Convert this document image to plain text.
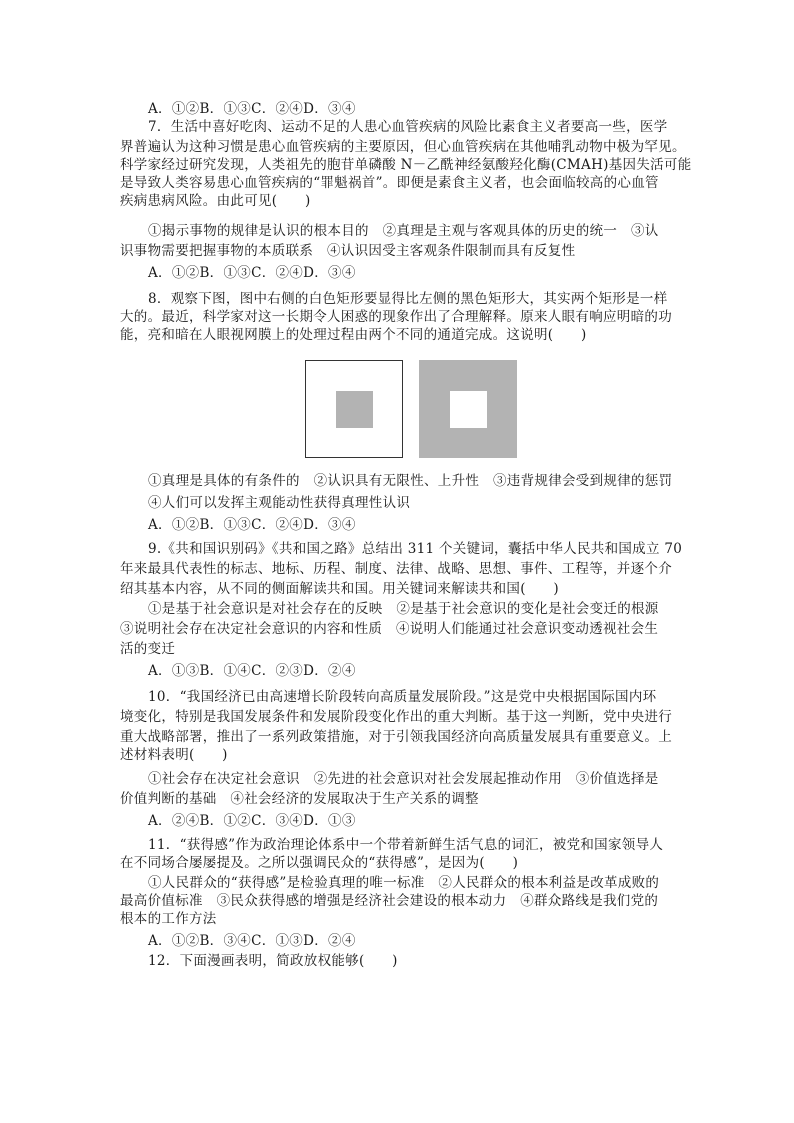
A．①②B．①③C．②④D．③④
7．生活中喜好吃肉、运动不足的人患心血管疾病的风险比素食主义者要高一些，医学
界普遍认为这种习惯是患心血管疾病的主要原因，但心血管疾病在其他哺乳动物中极为罕见。
科学家经过研究发现，人类祖先的胞苷单磷酸 N－乙酰神经氨酸羟化酶(CMAH)基因失活可能
是导致人类容易患心血管疾病的“罪魁祸首”。即便是素食主义者，也会面临较高的心血管
疾病患病风险。由此可见(　　)
①揭示事物的规律是认识的根本目的　②真理是主观与客观具体的历史的统一　③认
识事物需要把握事物的本质联系　④认识因受主客观条件限制而具有反复性
A．①②B．①③C．②④D．③④
8．观察下图，图中右侧的白色矩形要显得比左侧的黑色矩形大，其实两个矩形是一样
大的。最近，科学家对这一长期令人困惑的现象作出了合理解释。原来人眼有响应明暗的功
能，亮和暗在人眼视网膜上的处理过程由两个不同的通道完成。这说明(　　)
①真理是具体的有条件的　②认识具有无限性、上升性　③违背规律会受到规律的惩罚
④人们可以发挥主观能动性获得真理性认识
A．①②B．①③C．②④D．③④
9.《共和国识别码》《共和国之路》总结出 311 个关键词，囊括中华人民共和国成立 70
年来最具代表性的标志、地标、历程、制度、法律、战略、思想、事件、工程等，并逐个介
绍其基本内容，从不同的侧面解读共和国。用关键词来解读共和国(　　)
①是基于社会意识是对社会存在的反映　②是基于社会意识的变化是社会变迁的根源
③说明社会存在决定社会意识的内容和性质　④说明人们能通过社会意识变动透视社会生
活的变迁
A．①③B．①④C．②③D．②④
10．“我国经济已由高速增长阶段转向高质量发展阶段。”这是党中央根据国际国内环
境变化，特别是我国发展条件和发展阶段变化作出的重大判断。基于这一判断，党中央进行
重大战略部署，推出了一系列政策措施，对于引领我国经济向高质量发展具有重要意义。上
述材料表明(　　)
①社会存在决定社会意识　②先进的社会意识对社会发展起推动作用　③价值选择是
价值判断的基础　④社会经济的发展取决于生产关系的调整
A．②④B．①②C．③④D．①③
11．“获得感”作为政治理论体系中一个带着新鲜生活气息的词汇，被党和国家领导人
在不同场合屡屡提及。之所以强调民众的“获得感”，是因为(　　)
①人民群众的“获得感”是检验真理的唯一标准　②人民群众的根本利益是改革成败的
最高价值标准　③民众获得感的增强是经济社会建设的根本动力　④群众路线是我们党的
根本的工作方法
A．①②B．③④C．①③D．②④
12．下面漫画表明，简政放权能够(　　)
